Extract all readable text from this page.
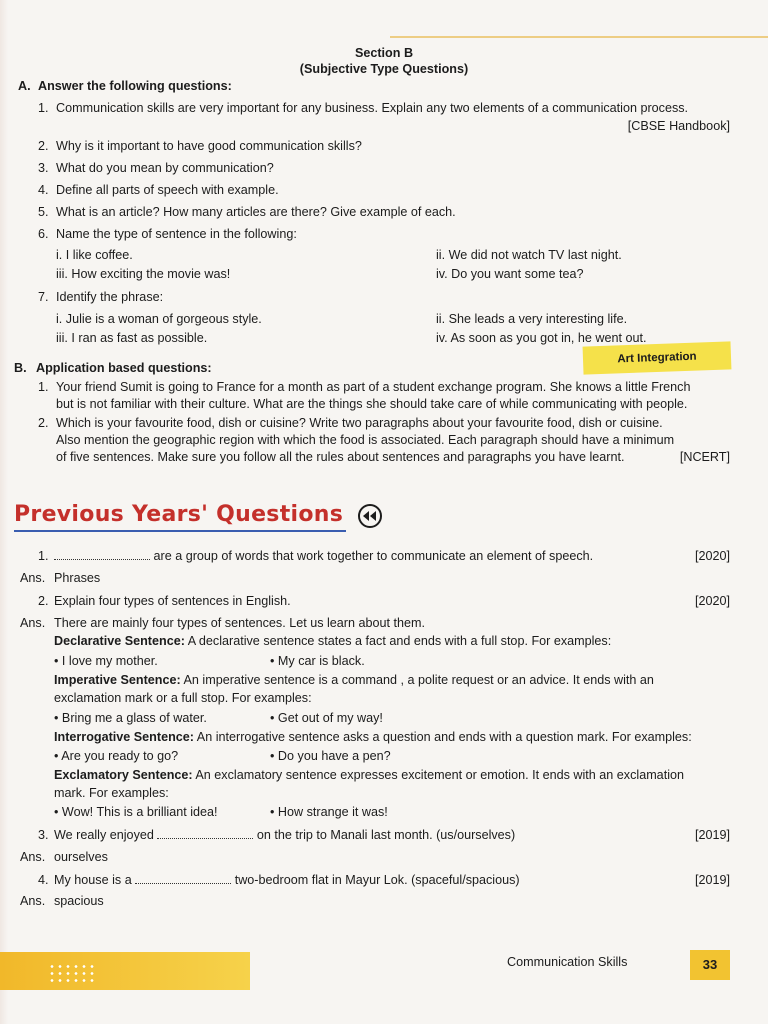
Section B
(Subjective Type Questions)
A. Answer the following questions:
1. Communication skills are very important for any business. Explain any two elements of a communication process.
[CBSE Handbook]
2. Why is it important to have good communication skills?
3. What do you mean by communication?
4. Define all parts of speech with example.
5. What is an article? How many articles are there? Give example of each.
6. Name the type of sentence in the following:
i. I like coffee.	ii. We did not watch TV last night.
iii. How exciting the movie was!	iv. Do you want some tea?
7. Identify the phrase:
i. Julie is a woman of gorgeous style.	ii. She leads a very interesting life.
iii. I ran as fast as possible.	iv. As soon as you got in, he went out.
B. Application based questions:
Art Integration
1. Your friend Sumit is going to France for a month as part of a student exchange program. She knows a little French
but is not familiar with their culture. What are the things she should take care of while communicating with people.
2. Which is your favourite food, dish or cuisine? Write two paragraphs about your favourite food, dish or cuisine.
Also mention the geographic region with which the food is associated. Each paragraph should have a minimum
of five sentences. Make sure you follow all the rules about sentences and paragraphs you have learnt.	[NCERT]
Previous Years' Questions
1.	are a group of words that work together to communicate an element of speech.	[2020]
Ans. Phrases
2. Explain four types of sentences in English.	[2020]
Ans. There are mainly four types of sentences. Let us learn about them.
Declarative Sentence: A declarative sentence states a fact and ends with a full stop. For examples:
• I love my mother.	• My car is black.
Imperative Sentence: An imperative sentence is a command , a polite request or an advice. It ends with an
exclamation mark or a full stop. For examples:
• Bring me a glass of water.	• Get out of my way!
Interrogative Sentence: An interrogative sentence asks a question and ends with a question mark. For examples:
• Are you ready to go?	• Do you have a pen?
Exclamatory Sentence: An exclamatory sentence expresses excitement or emotion. It ends with an exclamation
mark. For examples:
• Wow! This is a brilliant idea!	• How strange it was!
3. We really enjoyed	on the trip to Manali last month. (us/ourselves)	[2019]
Ans. ourselves
4. My house is a	two-bedroom flat in Mayur Lok. (spaceful/spacious)	[2019]
Ans. spacious
Communication Skills	33
